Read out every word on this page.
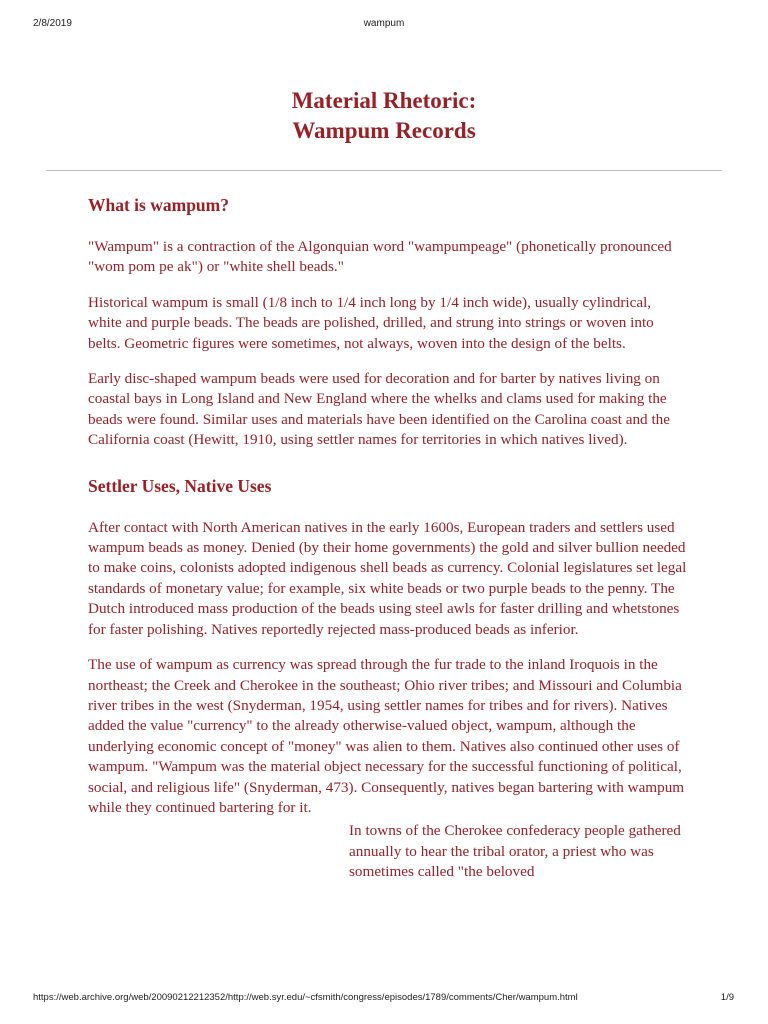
2/8/2019	wampum
Material Rhetoric:
Wampum Records
What is wampum?

"Wampum" is a contraction of the Algonquian word "wampumpeage" (phonetically pronounced "wom pom pe ak") or "white shell beads."

Historical wampum is small (1/8 inch to 1/4 inch long by 1/4 inch wide), usually cylindrical, white and purple beads. The beads are polished, drilled, and strung into strings or woven into belts. Geometric figures were sometimes, not always, woven into the design of the belts.

Early disc-shaped wampum beads were used for decoration and for barter by natives living on coastal bays in Long Island and New England where the whelks and clams used for making the beads were found. Similar uses and materials have been identified on the Carolina coast and the California coast (Hewitt, 1910, using settler names for territories in which natives lived).

Settler Uses, Native Uses

After contact with North American natives in the early 1600s, European traders and settlers used wampum beads as money. Denied (by their home governments) the gold and silver bullion needed to make coins, colonists adopted indigenous shell beads as currency. Colonial legislatures set legal standards of monetary value; for example, six white beads or two purple beads to the penny. The Dutch introduced mass production of the beads using steel awls for faster drilling and whetstones for faster polishing. Natives reportedly rejected mass-produced beads as inferior.

The use of wampum as currency was spread through the fur trade to the inland Iroquois in the northeast; the Creek and Cherokee in the southeast; Ohio river tribes; and Missouri and Columbia river tribes in the west (Snyderman, 1954, using settler names for tribes and for rivers). Natives added the value "currency" to the already otherwise-valued object, wampum, although the underlying economic concept of "money" was alien to them. Natives also continued other uses of wampum. "Wampum was the material object necessary for the successful functioning of political, social, and religious life" (Snyderman, 473). Consequently, natives began bartering with wampum while they continued bartering for it.

In towns of the Cherokee confederacy people gathered annually to hear the tribal orator, a priest who was sometimes called "the beloved

https://web.archive.org/web/20090212212352/http://web.syr.edu/~cfsmith/congress/episodes/1789/comments/Cher/wampum.html	1/9
